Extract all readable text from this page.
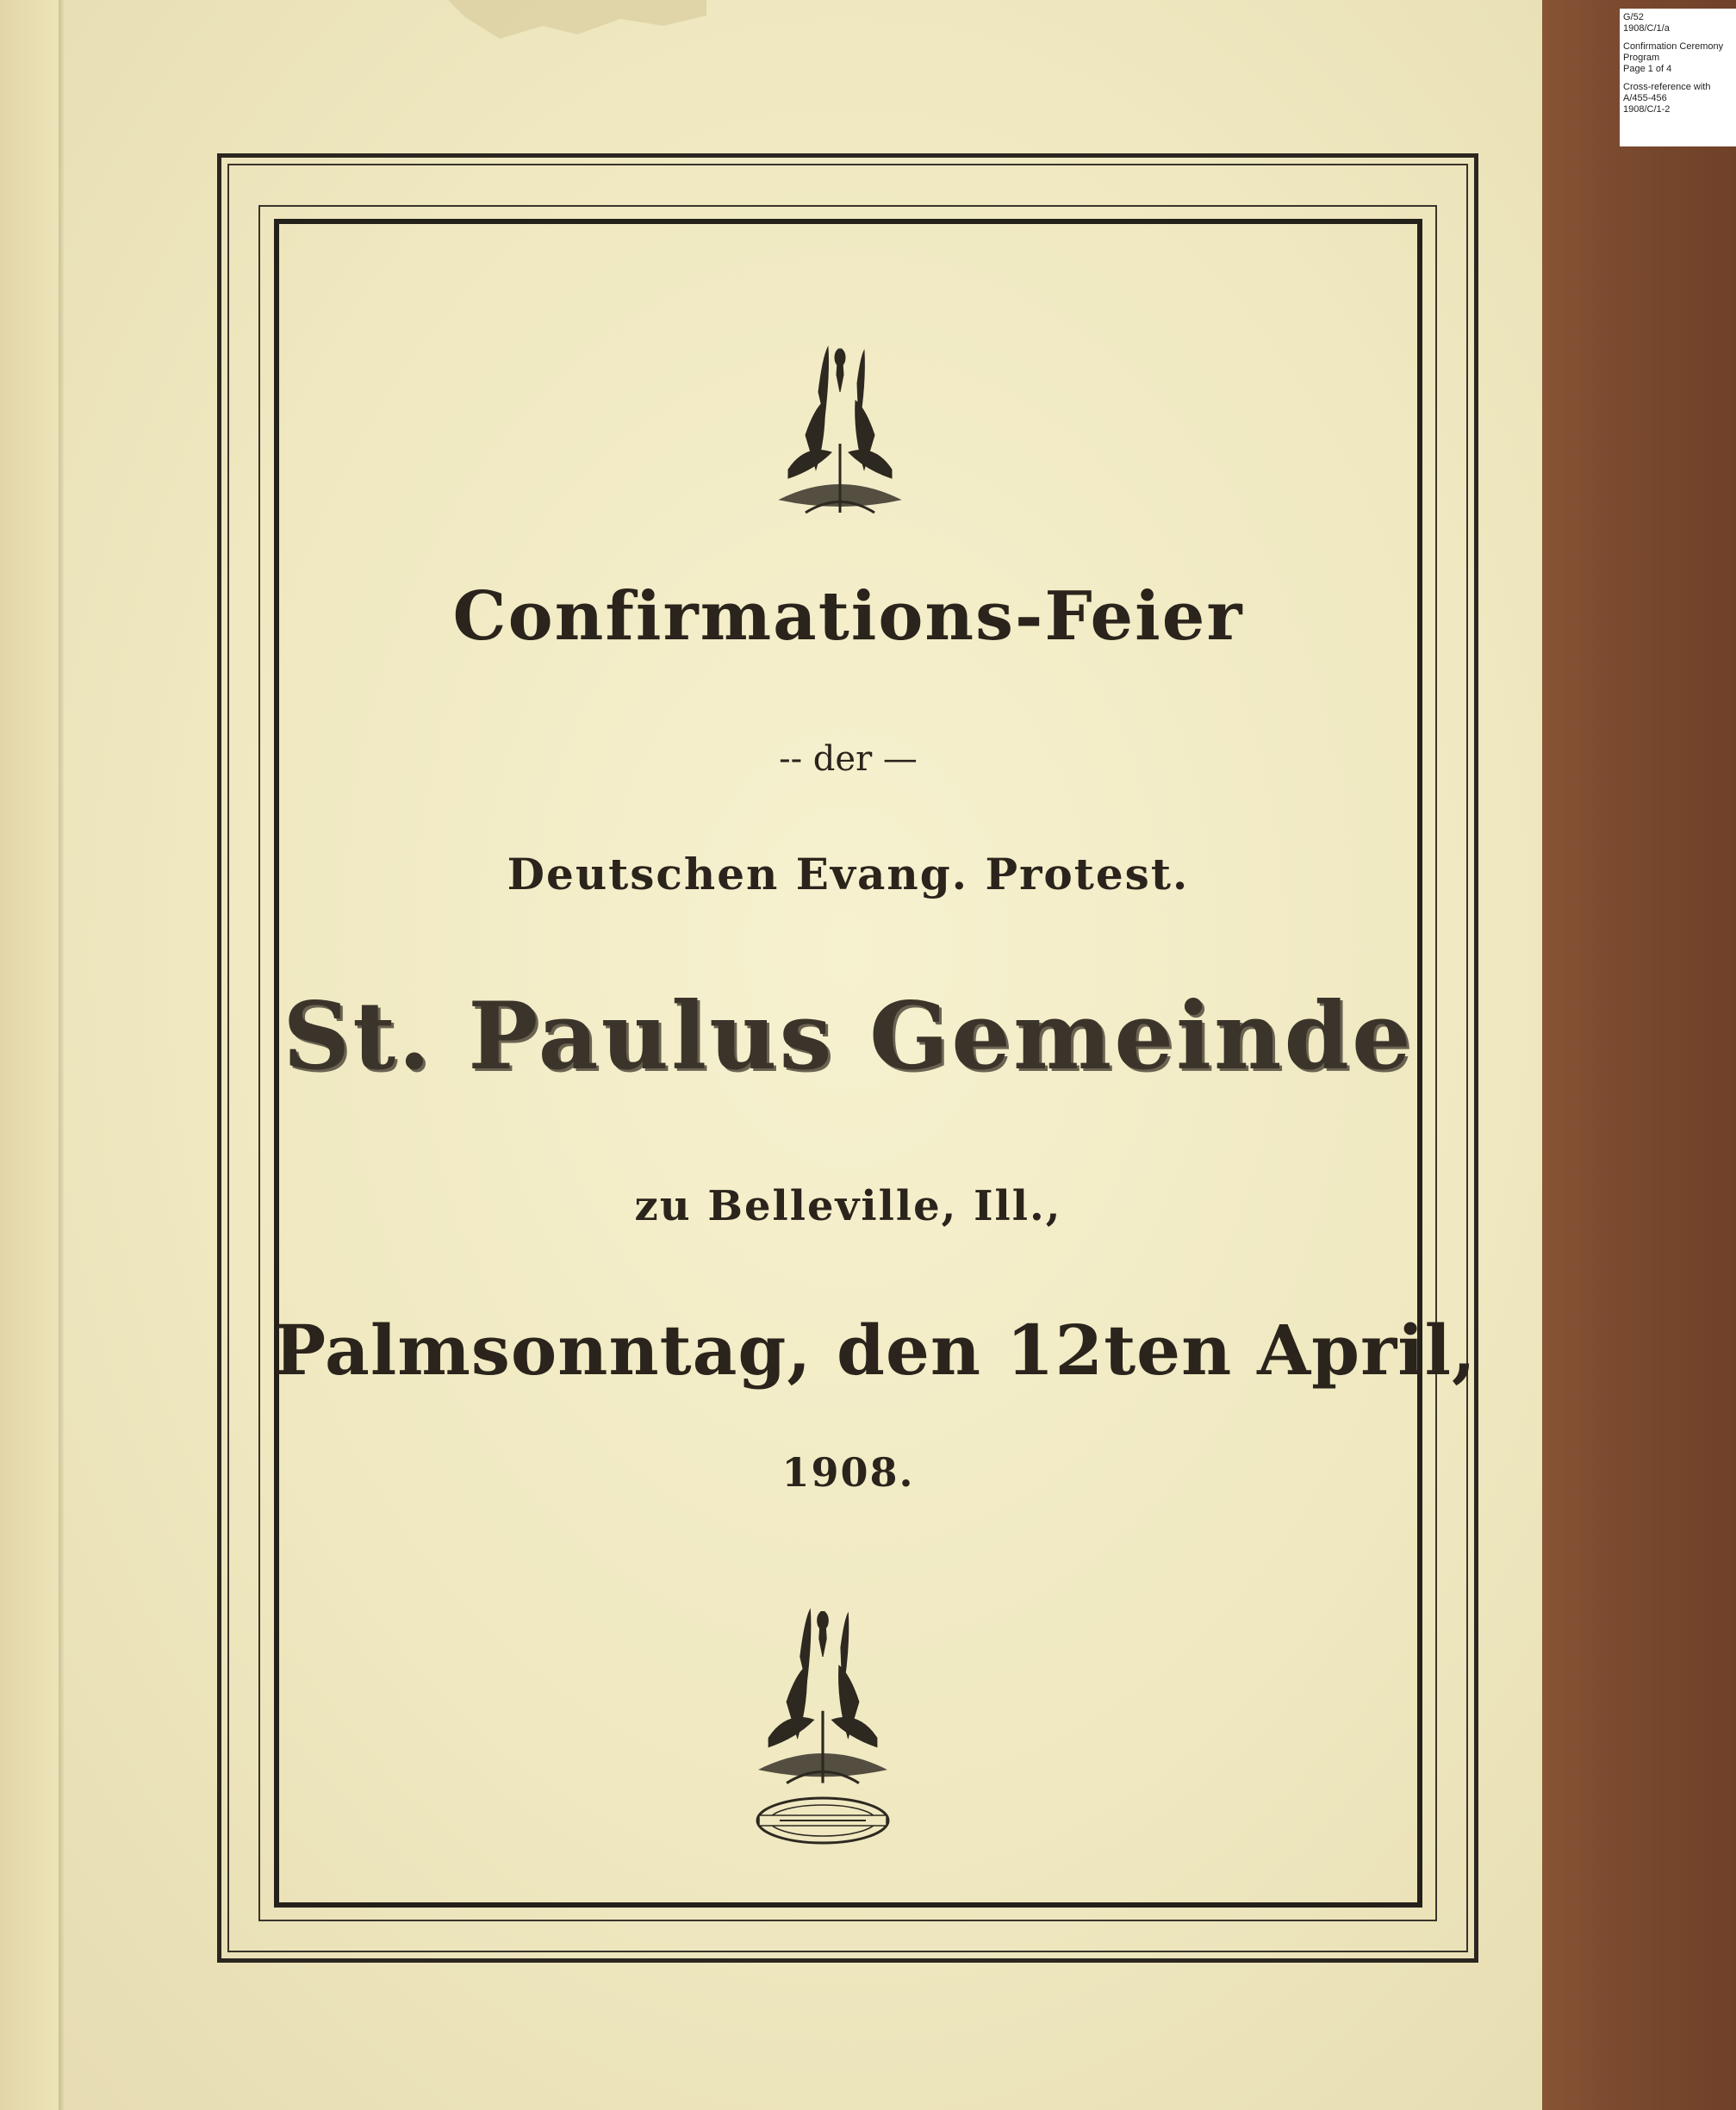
G/52
1908/C/1/a
Confirmation Ceremony
Program
Page 1 of 4
Cross-reference with
A/455-456
1908/C/1-2
Confirmations-Feier
-- der —
Deutschen Evang. Protest.
St. Paulus Gemeinde
zu Belleville, Ill.,
Palmsonntag, den 12ten April,
1908.
